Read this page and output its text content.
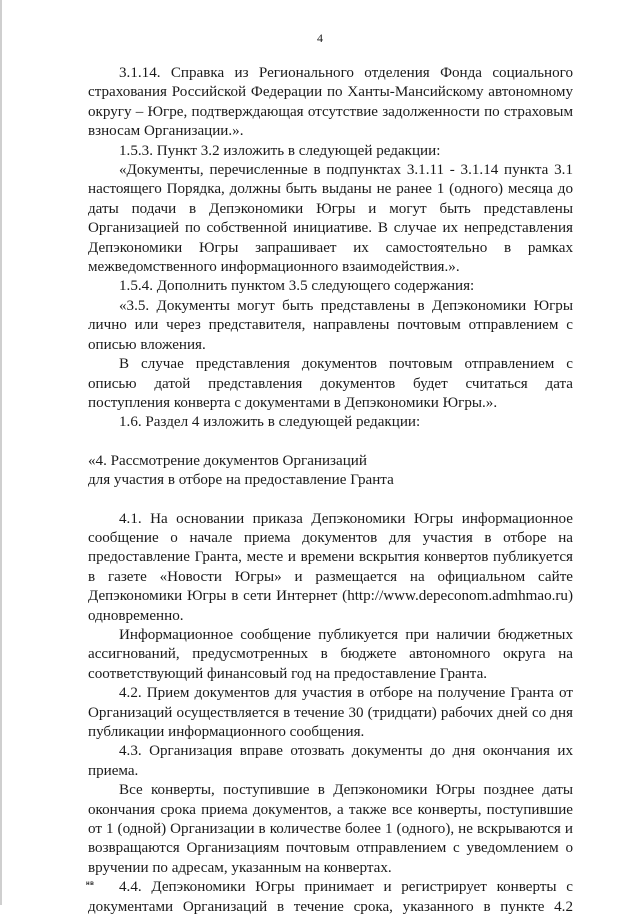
4

3.1.14. Справка из Регионального отделения Фонда социального страхования Российской Федерации по Ханты-Мансийскому автономному округу – Югре, подтверждающая отсутствие задолженности по страховым взносам Организации.».

1.5.3. Пункт 3.2 изложить в следующей редакции:

«Документы, перечисленные в подпунктах 3.1.11 - 3.1.14 пункта 3.1 настоящего Порядка, должны быть выданы не ранее 1 (одного) месяца до даты подачи в Депэкономики Югры и могут быть представлены Организацией по собственной инициативе. В случае их непредставления Депэкономики Югры запрашивает их самостоятельно в рамках межведомственного информационного взаимодействия.».

1.5.4. Дополнить пунктом 3.5 следующего содержания:

«3.5. Документы могут быть представлены в Депэкономики Югры лично или через представителя, направлены почтовым отправлением с описью вложения.

В случае представления документов почтовым отправлением с описью датой представления документов будет считаться дата поступления конверта с документами в Депэкономики Югры.».

1.6. Раздел 4 изложить в следующей редакции:

«4. Рассмотрение документов Организаций
для участия в отборе на предоставление Гранта

4.1. На основании приказа Депэкономики Югры информационное сообщение о начале приема документов для участия в отборе на предоставление Гранта, месте и времени вскрытия конвертов публикуется в газете «Новости Югры» и размещается на официальном сайте Депэкономики Югры в сети Интернет (http://www.depeconom.admhmao.ru) одновременно.

Информационное сообщение публикуется при наличии бюджетных ассигнований, предусмотренных в бюджете автономного округа на соответствующий финансовый год на предоставление Гранта.

4.2. Прием документов для участия в отборе на получение Гранта от Организаций осуществляется в течение 30 (тридцати) рабочих дней со дня публикации информационного сообщения.

4.3. Организация вправе отозвать документы до дня окончания их приема.

Все конверты, поступившие в Депэкономики Югры позднее даты окончания срока приема документов, а также все конверты, поступившие от 1 (одной) Организации в количестве более 1 (одного), не вскрываются и возвращаются Организациям почтовым отправлением с уведомлением о вручении по адресам, указанным на конвертах.

4.4. Депэкономики Югры принимает и регистрирует конверты с документами Организаций в течение срока, указанного в пункте 4.2

нв
